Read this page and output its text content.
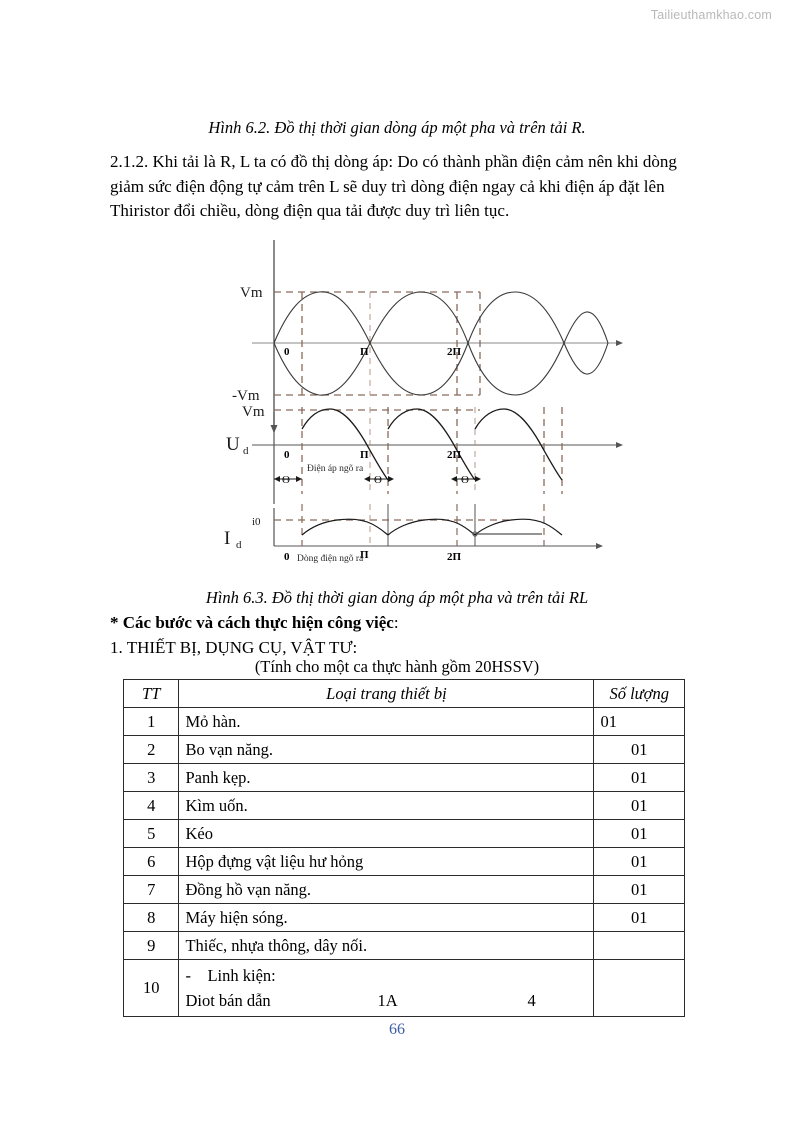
Tailieuthamkhao.com
Hình 6.2. Đồ thị thời gian dòng áp một pha và trên tải R.
2.1.2. Khi tải là R, L ta có đồ thị dòng áp: Do có thành phần điện cảm nên khi dòng giảm sức điện động tự cảm trên L sẽ duy trì dòng điện ngay cả khi điện áp đặt lên Thiristor đổi chiều, dòng điện qua tải được duy trì liên tục.
Vm
-Vm
0	Π	2Π
Vm
U d	0	Π	2Π
Điện áp ngõ ra
Θ	Θ	Θ
i0
I d
0	Π	2Π
Dòng điện ngõ ra
Hình 6.3. Đồ thị thời gian dòng áp một pha và trên tải RL
* Các bước và cách thực hiện công việc:
1. THIẾT BỊ, DỤNG CỤ, VẬT TƯ:
(Tính cho một ca thực hành gồm 20HSSV)
TT	Loại trang thiết bị	Số lượng
1	Mỏ hàn.	01
2	Bo vạn năng.	01
3	Panh kẹp.	01
4	Kìm uốn.	01
5	Kéo	01
6	Hộp đựng vật liệu hư hỏng	01
7	Đồng hồ vạn năng.	01
8	Máy hiện sóng.	01
9	Thiếc, nhựa thông, dây nối.	
10	- Linh kiện:
Diot bán dẫn 1A 4	

66
